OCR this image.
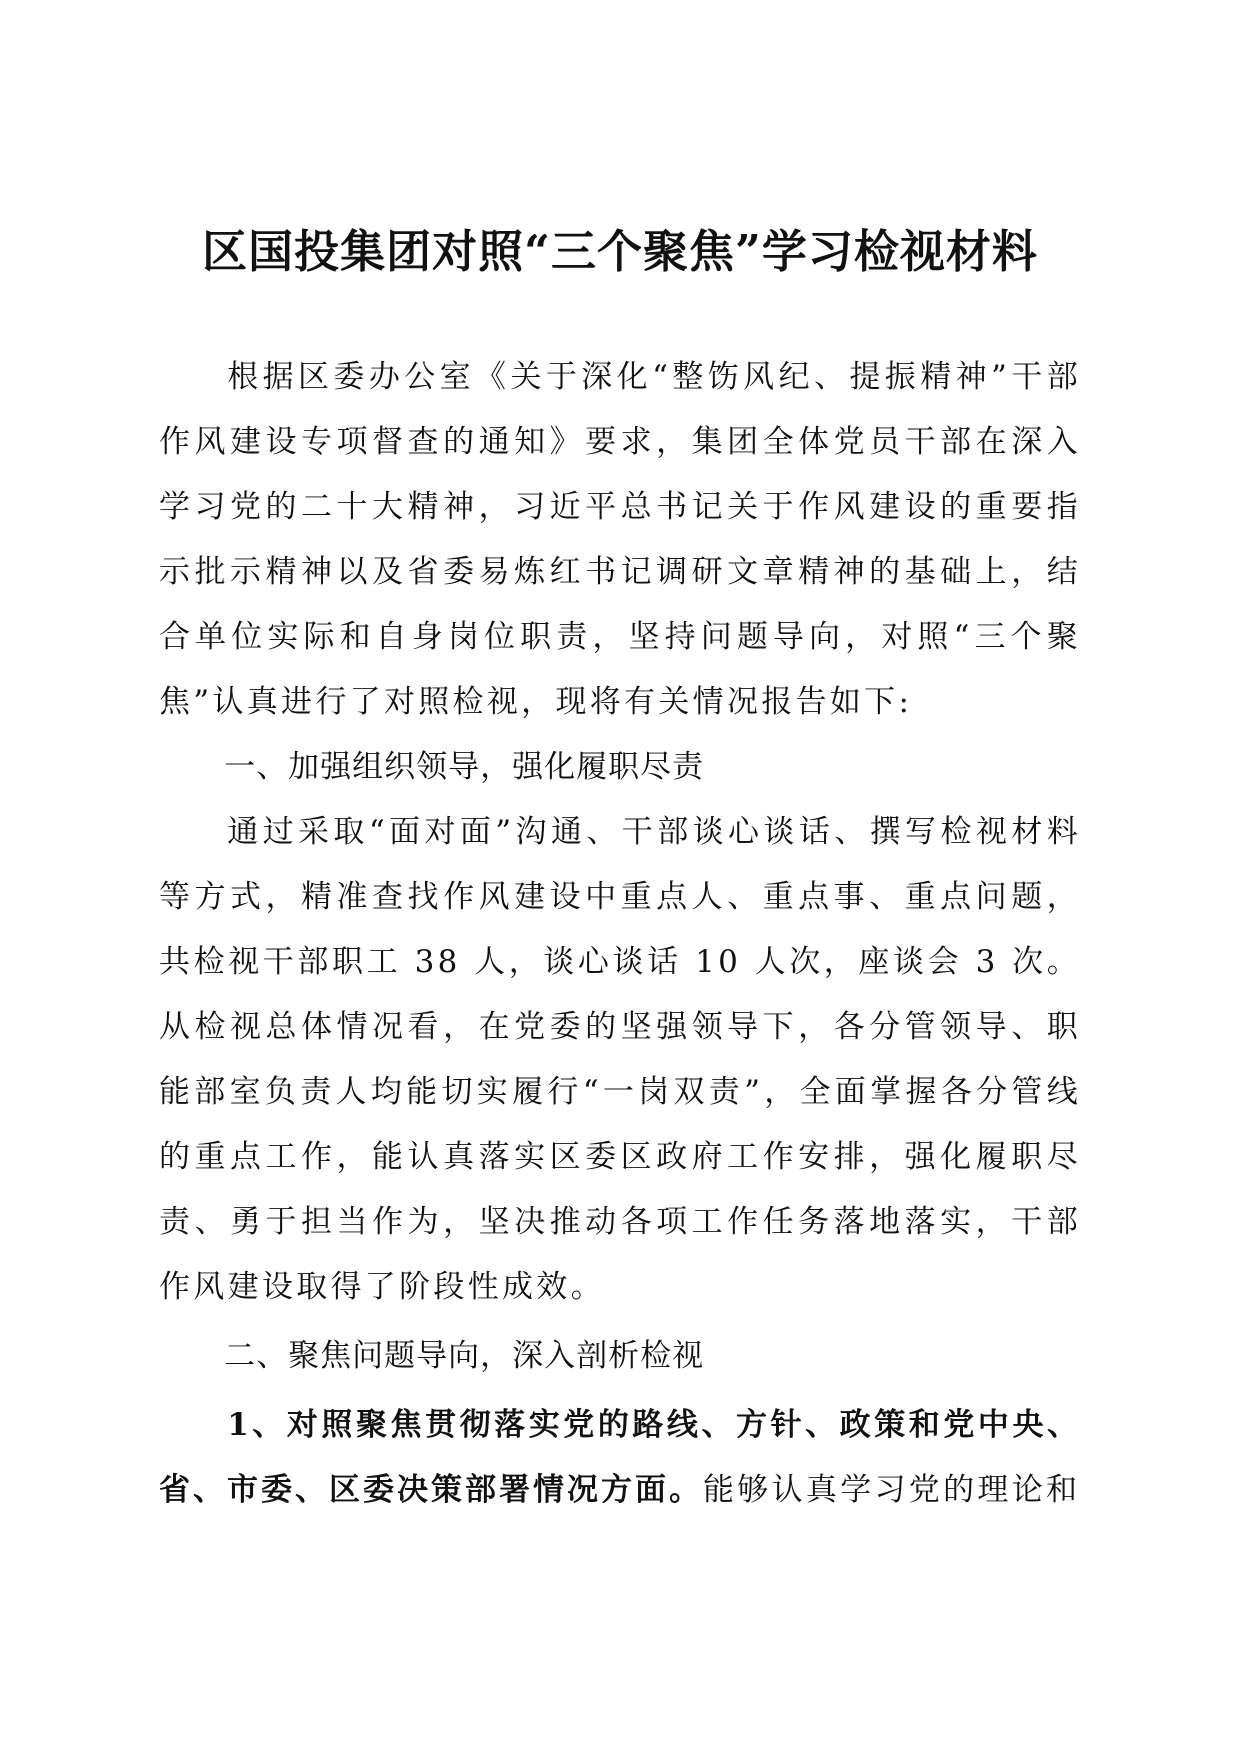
区国投集团对照“三个聚焦”学习检视材料

根据区委办公室《关于深化“整饬风纪、提振精神”干部作风建设专项督查的通知》要求，集团全体党员干部在深入学习党的二十大精神，习近平总书记关于作风建设的重要指示批示精神以及省委易炼红书记调研文章精神的基础上，结合单位实际和自身岗位职责，坚持问题导向，对照“三个聚焦”认真进行了对照检视，现将有关情况报告如下:

一、加强组织领导，强化履职尽责

通过采取“面对面”沟通、干部谈心谈话、撰写检视材料等方式，精准查找作风建设中重点人、重点事、重点问题，共检视干部职工 38 人，谈心谈话 10 人次，座谈会 3 次。从检视总体情况看，在党委的坚强领导下，各分管领导、职能部室负责人均能切实履行“一岗双责”，全面掌握各分管线的重点工作，能认真落实区委区政府工作安排，强化履职尽责、勇于担当作为，坚决推动各项工作任务落地落实，干部作风建设取得了阶段性成效。

二、聚焦问题导向，深入剖析检视

1、对照聚焦贯彻落实党的路线、方针、政策和党中央、省、市委、区委决策部署情况方面。能够认真学习党的理论和
